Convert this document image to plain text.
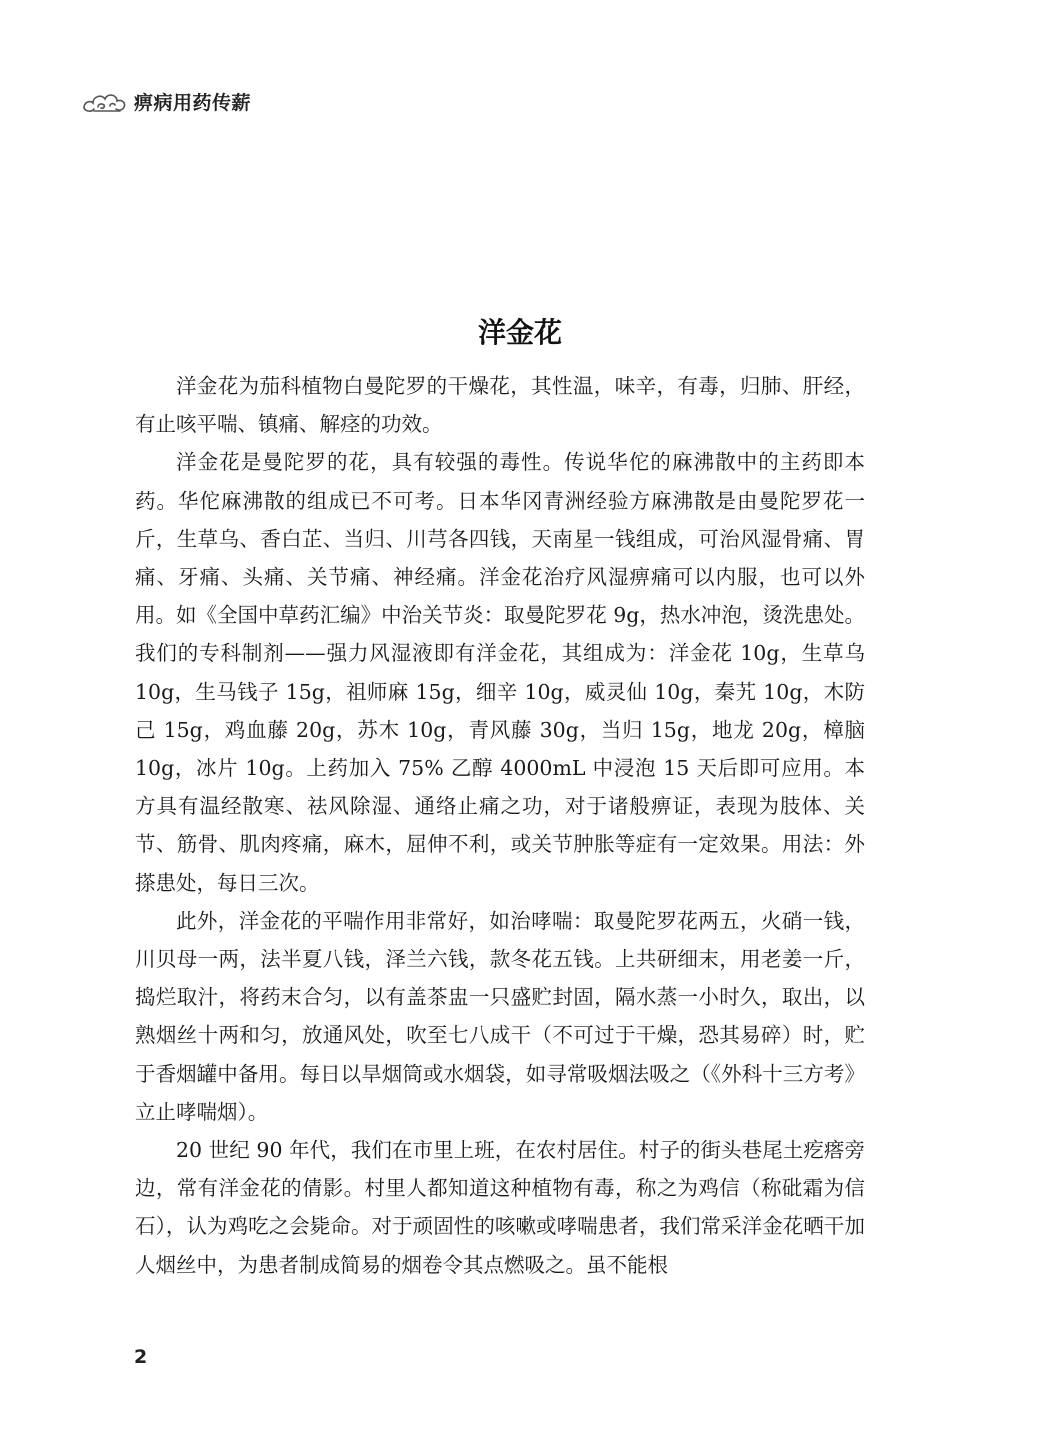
痹病用药传薪
洋金花

洋金花为茄科植物白曼陀罗的干燥花，其性温，味辛，有毒，归肺、肝经，有止咳平喘、镇痛、解痉的功效。

洋金花是曼陀罗的花，具有较强的毒性。传说华佗的麻沸散中的主药即本药。华佗麻沸散的组成已不可考。日本华冈青洲经验方麻沸散是由曼陀罗花一斤，生草乌、香白芷、当归、川芎各四钱，天南星一钱组成，可治风湿骨痛、胃痛、牙痛、头痛、关节痛、神经痛。洋金花治疗风湿痹痛可以内服，也可以外用。如《全国中草药汇编》中治关节炎：取曼陀罗花 9g，热水冲泡，烫洗患处。我们的专科制剂——强力风湿液即有洋金花，其组成为：洋金花 10g，生草乌 10g，生马钱子 15g，祖师麻 15g，细辛 10g，威灵仙 10g，秦艽 10g，木防己 15g，鸡血藤 20g，苏木 10g，青风藤 30g，当归 15g，地龙 20g，樟脑 10g，冰片 10g。上药加入 75% 乙醇 4000mL 中浸泡 15 天后即可应用。本方具有温经散寒、祛风除湿、通络止痛之功，对于诸般痹证，表现为肢体、关节、筋骨、肌肉疼痛，麻木，屈伸不利，或关节肿胀等症有一定效果。用法：外搽患处，每日三次。

此外，洋金花的平喘作用非常好，如治哮喘：取曼陀罗花两五，火硝一钱，川贝母一两，法半夏八钱，泽兰六钱，款冬花五钱。上共研细末，用老姜一斤，捣烂取汁，将药末合匀，以有盖茶盅一只盛贮封固，隔水蒸一小时久，取出，以熟烟丝十两和匀，放通风处，吹至七八成干（不可过于干燥，恐其易碎）时，贮于香烟罐中备用。每日以旱烟筒或水烟袋，如寻常吸烟法吸之（《外科十三方考》立止哮喘烟）。

20 世纪 90 年代，我们在市里上班，在农村居住。村子的街头巷尾土疙瘩旁边，常有洋金花的倩影。村里人都知道这种植物有毒，称之为鸡信（称砒霜为信石），认为鸡吃之会毙命。对于顽固性的咳嗽或哮喘患者，我们常采洋金花晒干加人烟丝中，为患者制成简易的烟卷令其点燃吸之。虽不能根

2
